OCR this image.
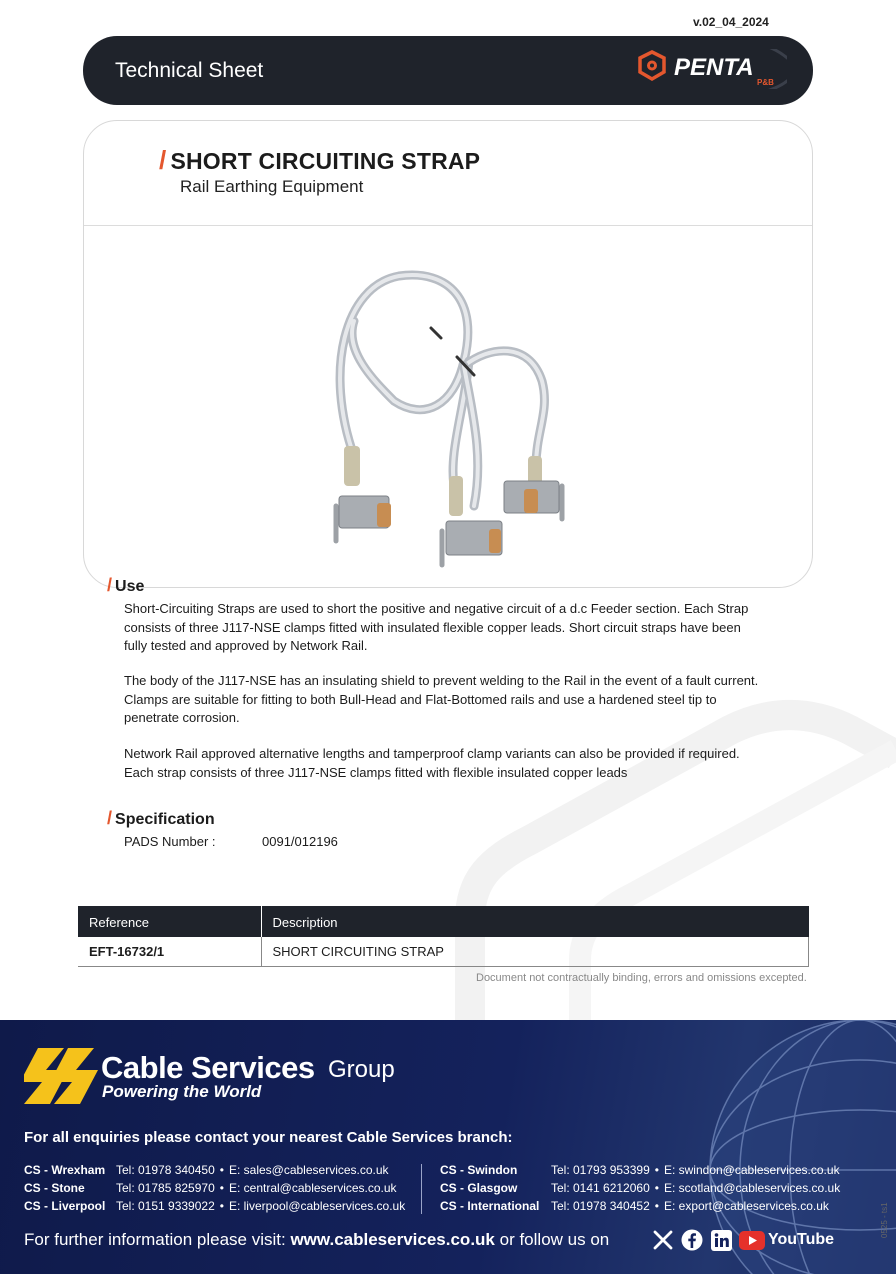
v.02_04_2024
Technical Sheet	PENTA
P&B
/ SHORT CIRCUITING STRAP
Rail Earthing Equipment
/ Use

Short-Circuiting Straps are used to short the positive and negative circuit of a d.c Feeder section. Each Strap consists of three J117-NSE clamps fitted with insulated flexible copper leads. Short circuit straps have been fully tested and approved by Network Rail.

The body of the J117-NSE has an insulating shield to prevent welding to the Rail in the event of a fault current. Clamps are suitable for fitting to both Bull-Head and Flat-Bottomed rails and use a hardened steel tip to penetrate corrosion.

Network Rail approved alternative lengths and tamperproof clamp variants can also be provided if required. Each strap consists of three J117-NSE clamps fitted with flexible insulated copper leads

/ Specification
PADS Number :	0091/012196
Reference	Description
EFT-16732/1	SHORT CIRCUITING STRAP
Document not contractually binding, errors and omissions excepted.
Cable Services Group
Powering the World
For all enquiries please contact your nearest Cable Services branch:
CS - Wrexham Tel: 01978 340450 • E: sales@cableservices.co.uk
CS - Stone	Tel: 01785 825970 • E: central@cableservices.co.uk
CS - Liverpool Tel: 0151 9339022 • E: liverpool@cableservices.co.uk
CS - Swindon	Tel: 01793 953399 • E: swindon@cableservices.co.uk
CS - Glasgow	Tel: 0141 6212060 • E: scotland@cableservices.co.uk
CS - International Tel: 01978 340452 • E: export@cableservices.co.uk
For further information please visit: www.cableservices.co.uk or follow us on	YouTube
0525 - ts1
